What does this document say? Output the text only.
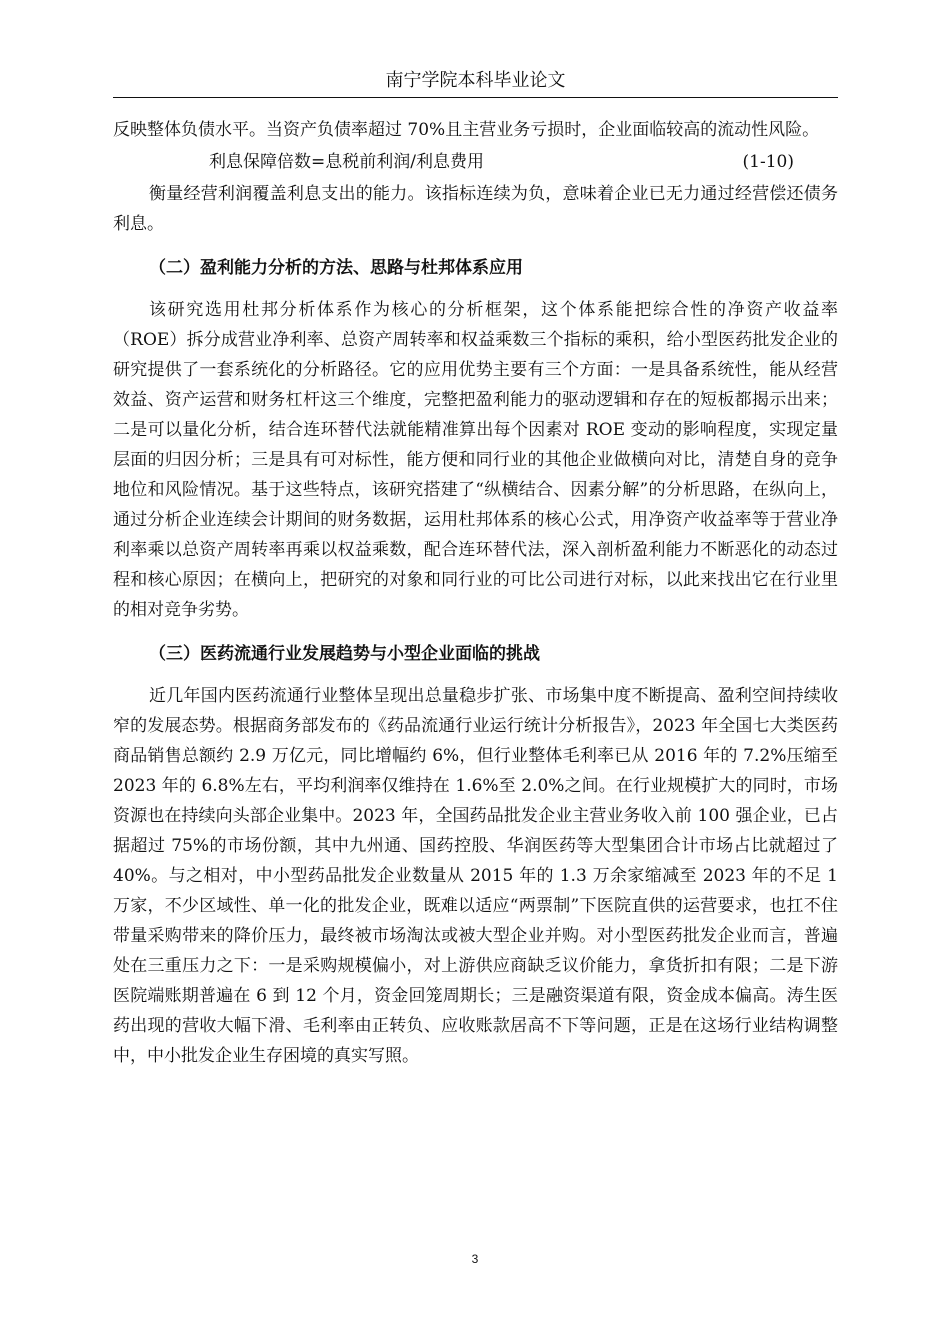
南宁学院本科毕业论文

反映整体负债水平。当资产负债率超过 70%且主营业务亏损时，企业面临较高的流动性风险。

利息保障倍数=息税前利润/利息费用	(1-10)

衡量经营利润覆盖利息支出的能力。该指标连续为负，意味着企业已无力通过经营偿还债务利息。

（二）盈利能力分析的方法、思路与杜邦体系应用

该研究选用杜邦分析体系作为核心的分析框架，这个体系能把综合性的净资产收益率（ROE）拆分成营业净利率、总资产周转率和权益乘数三个指标的乘积，给小型医药批发企业的研究提供了一套系统化的分析路径。它的应用优势主要有三个方面：一是具备系统性，能从经营效益、资产运营和财务杠杆这三个维度，完整把盈利能力的驱动逻辑和存在的短板都揭示出来；二是可以量化分析，结合连环替代法就能精准算出每个因素对 ROE 变动的影响程度，实现定量层面的归因分析；三是具有可对标性，能方便和同行业的其他企业做横向对比，清楚自身的竞争地位和风险情况。基于这些特点，该研究搭建了“纵横结合、因素分解”的分析思路，在纵向上，通过分析企业连续会计期间的财务数据，运用杜邦体系的核心公式，用净资产收益率等于营业净利率乘以总资产周转率再乘以权益乘数，配合连环替代法，深入剖析盈利能力不断恶化的动态过程和核心原因；在横向上，把研究的对象和同行业的可比公司进行对标，以此来找出它在行业里的相对竞争劣势。

（三）医药流通行业发展趋势与小型企业面临的挑战

近几年国内医药流通行业整体呈现出总量稳步扩张、市场集中度不断提高、盈利空间持续收窄的发展态势。根据商务部发布的《药品流通行业运行统计分析报告》，2023 年全国七大类医药商品销售总额约 2.9 万亿元，同比增幅约 6%，但行业整体毛利率已从 2016 年的 7.2%压缩至 2023 年的 6.8%左右，平均利润率仅维持在 1.6%至 2.0%之间。在行业规模扩大的同时，市场资源也在持续向头部企业集中。2023 年，全国药品批发企业主营业务收入前 100 强企业，已占据超过 75%的市场份额，其中九州通、国药控股、华润医药等大型集团合计市场占比就超过了 40%。与之相对，中小型药品批发企业数量从 2015 年的 1.3 万余家缩减至 2023 年的不足 1 万家，不少区域性、单一化的批发企业，既难以适应“两票制”下医院直供的运营要求，也扛不住带量采购带来的降价压力，最终被市场淘汰或被大型企业并购。对小型医药批发企业而言，普遍处在三重压力之下：一是采购规模偏小，对上游供应商缺乏议价能力，拿货折扣有限；二是下游医院端账期普遍在 6 到 12 个月，资金回笼周期长；三是融资渠道有限，资金成本偏高。涛生医药出现的营收大幅下滑、毛利率由正转负、应收账款居高不下等问题，正是在这场行业结构调整中，中小批发企业生存困境的真实写照。

3
